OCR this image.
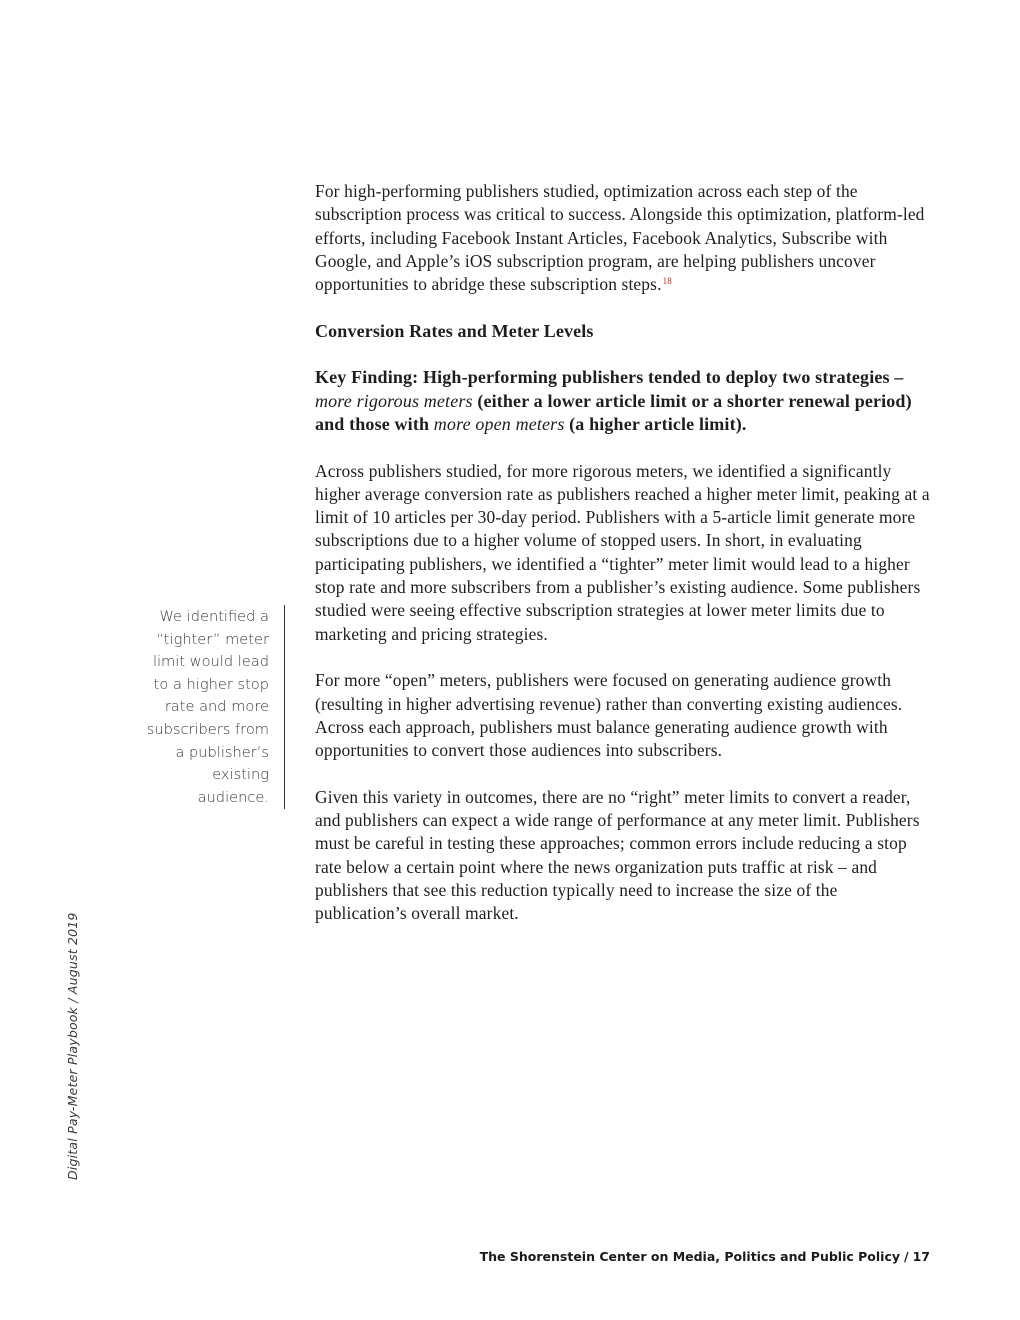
For high-performing publishers studied, optimization across each step of the subscription process was critical to success. Alongside this optimization, platform-led efforts, including Facebook Instant Articles, Facebook Analytics, Subscribe with Google, and Apple’s iOS subscription program, are helping publishers uncover opportunities to abridge these subscription steps.$^{18}$

Conversion Rates and Meter Levels

Key Finding: High-performing publishers tended to deploy two strategies – more rigorous meters (either a lower article limit or a shorter renewal period) and those with more open meters (a higher article limit).

Across publishers studied, for more rigorous meters, we identified a significantly higher average conversion rate as publishers reached a higher meter limit, peaking at a limit of 10 articles per 30-day period. Publishers with a 5-article limit generate more subscriptions due to a higher volume of stopped users. In short, in evaluating participating publishers, we identified a “tighter” meter limit would lead to a higher stop rate and more subscribers from a publisher’s existing audience. Some publishers studied were seeing effective subscription strategies at lower meter limits due to marketing and pricing strategies.

For more “open” meters, publishers were focused on generating audience growth (resulting in higher advertising revenue) rather than converting existing audiences. Across each approach, publishers must balance generating audience growth with opportunities to convert those audiences into subscribers.

Given this variety in outcomes, there are no “right” meter limits to convert a reader, and publishers can expect a wide range of performance at any meter limit. Publishers must be careful in testing these approaches; common errors include reducing a stop rate below a certain point where the news organization puts traffic at risk – and publishers that see this reduction typically need to increase the size of the publication’s overall market.

We identified a “tighter” meter limit would lead to a higher stop rate and more subscribers from a publisher’s existing audience.
Digital Pay-Meter Playbook / August 2019
The Shorenstein Center on Media, Politics and Public Policy / 17
